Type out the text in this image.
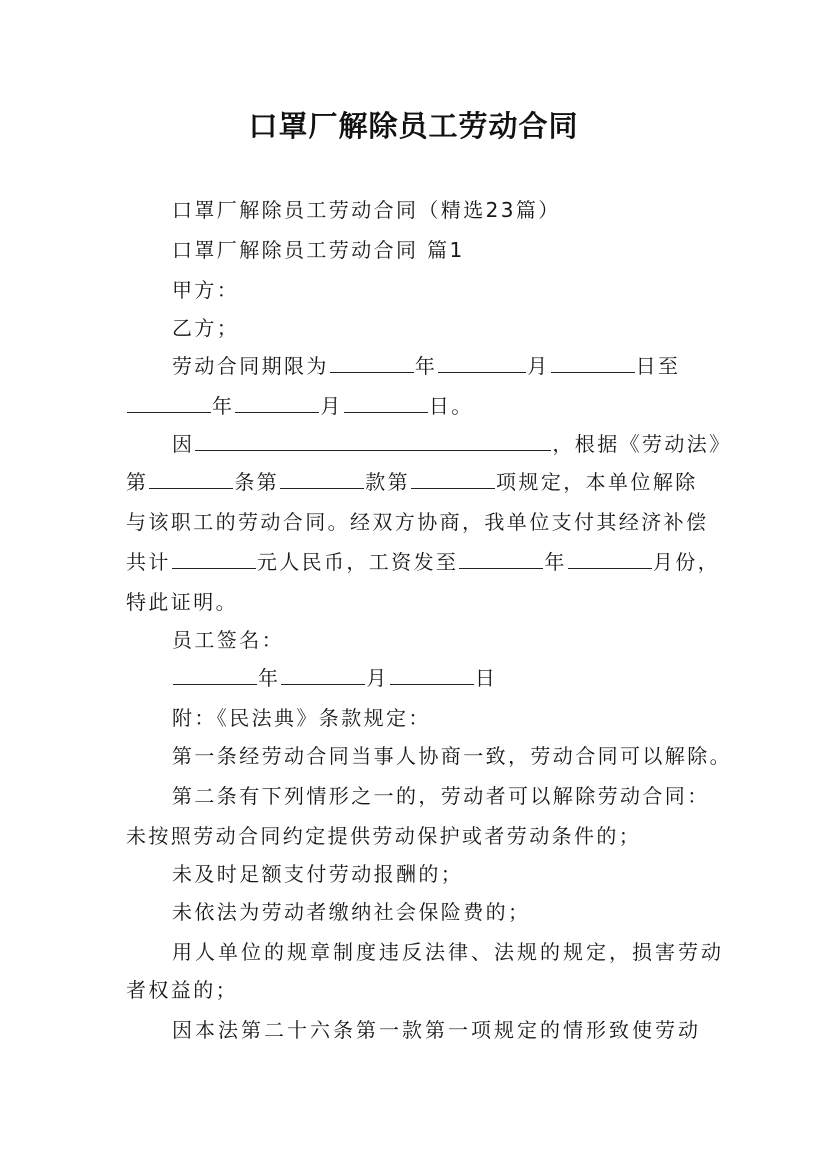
口罩厂解除员工劳动合同
口罩厂解除员工劳动合同（精选23篇）
口罩厂解除员工劳动合同 篇1
甲方：
乙方；
劳动合同期限为	年	月	日至
年	月	日。
因	，根据《劳动法》
第	条第	款第	项规定，本单位解除
与该职工的劳动合同。经双方协商，我单位支付其经济补偿
共计	元人民币，工资发至	年	月份，
特此证明。
员工签名：
年	月	日
附：《民法典》条款规定：
第一条经劳动合同当事人协商一致，劳动合同可以解除。
第二条有下列情形之一的，劳动者可以解除劳动合同：
未按照劳动合同约定提供劳动保护或者劳动条件的；
未及时足额支付劳动报酬的；
未依法为劳动者缴纳社会保险费的；
用人单位的规章制度违反法律、法规的规定，损害劳动
者权益的；
因本法第二十六条第一款第一项规定的情形致使劳动
